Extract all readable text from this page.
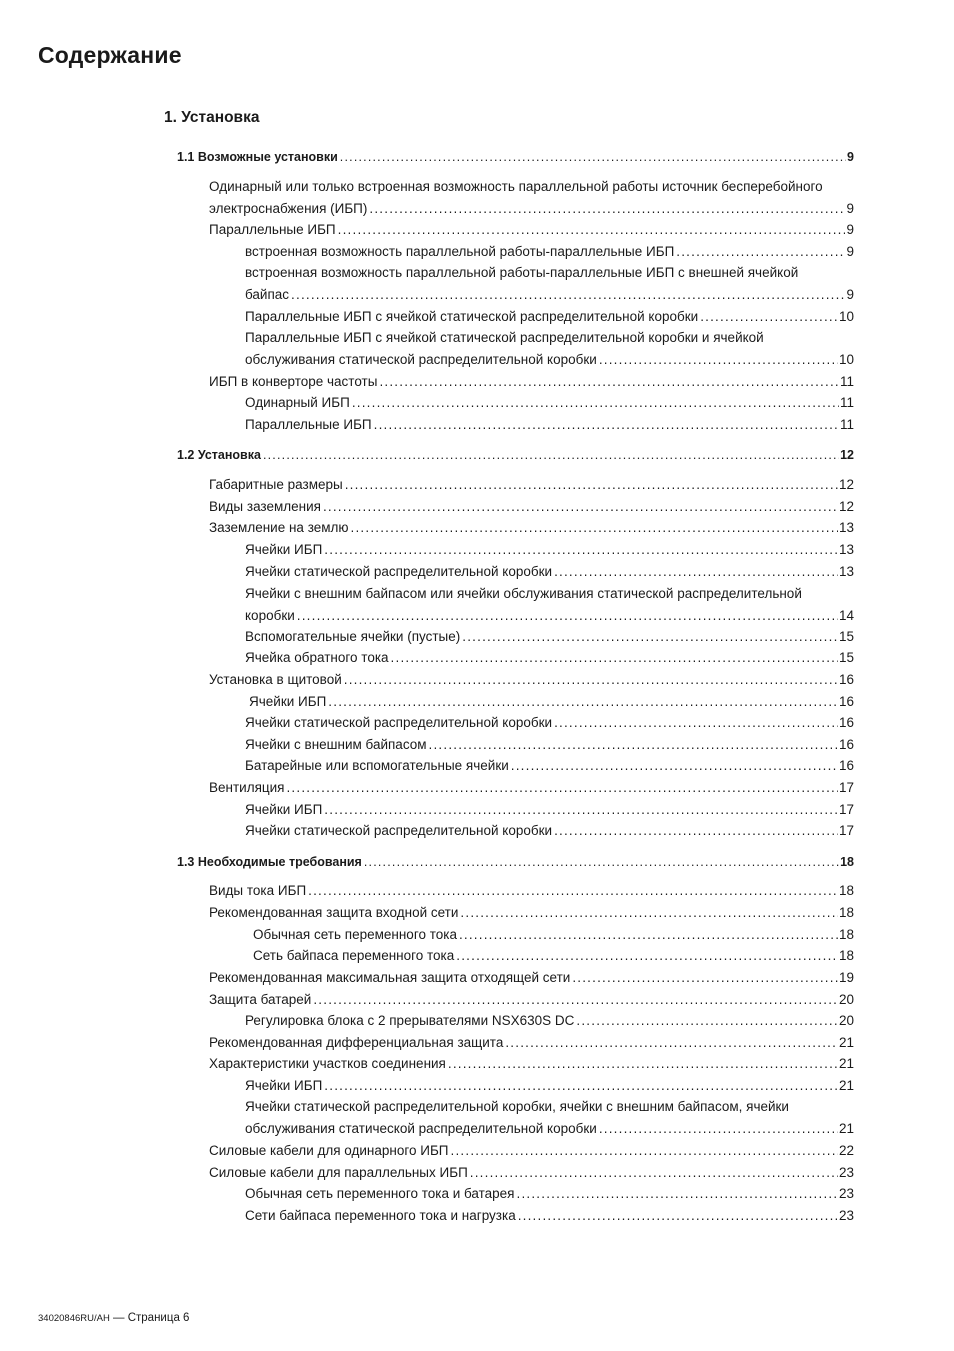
Содержание
1. Установка
1.1 Возможные установки .....	9
Одинарный или только встроенная возможность параллельной работы источник бесперебойного
электроснабжения (ИБП) .....	9
Параллельные ИБП .....	9
встроенная возможность параллельной работы-параллельные ИБП .....	9
встроенная возможность параллельной работы-параллельные ИБП с внешней ячейкой
байпас .....	9
Параллельные ИБП с ячейкой статической распределительной коробки .....	10
Параллельные ИБП с ячейкой статической распределительной коробки и ячейкой
обслуживания статической распределительной коробки .....	10
ИБП в конверторе частоты .....	11
Одинарный ИБП .....	11
Параллельные ИБП .....	11
1.2 Установка .....	12
Габаритные размеры .....	12
Виды заземления .....	12
Заземление на землю .....	13
Ячейки ИБП .....	13
Ячейки статической распределительной коробки .....	13
Ячейки с внешним байпасом или ячейки обслуживания статической распределительной
коробки .....	14
Вспомогательные ячейки (пустые) .....	15
Ячейка обратного тока .....	15
Установка в щитовой .....	16
Ячейки ИБП .....	16
Ячейки статической распределительной коробки .....	16
Ячейки с внешним байпасом .....	16
Батарейные или вспомогательные ячейки .....	16
Вентиляция .....	17
Ячейки ИБП .....	17
Ячейки статической распределительной коробки .....	17
1.3 Необходимые требования .....	18
Виды тока ИБП .....	18
Рекомендованная защита входной сети .....	18
Обычная сеть переменного тока .....	18
Сеть байпаса переменного тока .....	18
Рекомендованная максимальная защита отходящей сети .....	19
Защита батарей .....	20
Регулировка блока с 2 прерывателями NSX630S DC .....	20
Рекомендованная дифференциальная защита .....	21
Характеристики участков соединения .....	21
Ячейки ИБП .....	21
Ячейки статической распределительной коробки, ячейки с внешним байпасом, ячейки
обслуживания статической распределительной коробки .....	21
Силовые кабели для одинарного ИБП .....	22
Силовые кабели для параллельных ИБП .....	23
Обычная сеть переменного тока и батарея .....	23
Сети байпаса переменного тока и нагрузка .....	23
34020846RU/AH — Страница 6
